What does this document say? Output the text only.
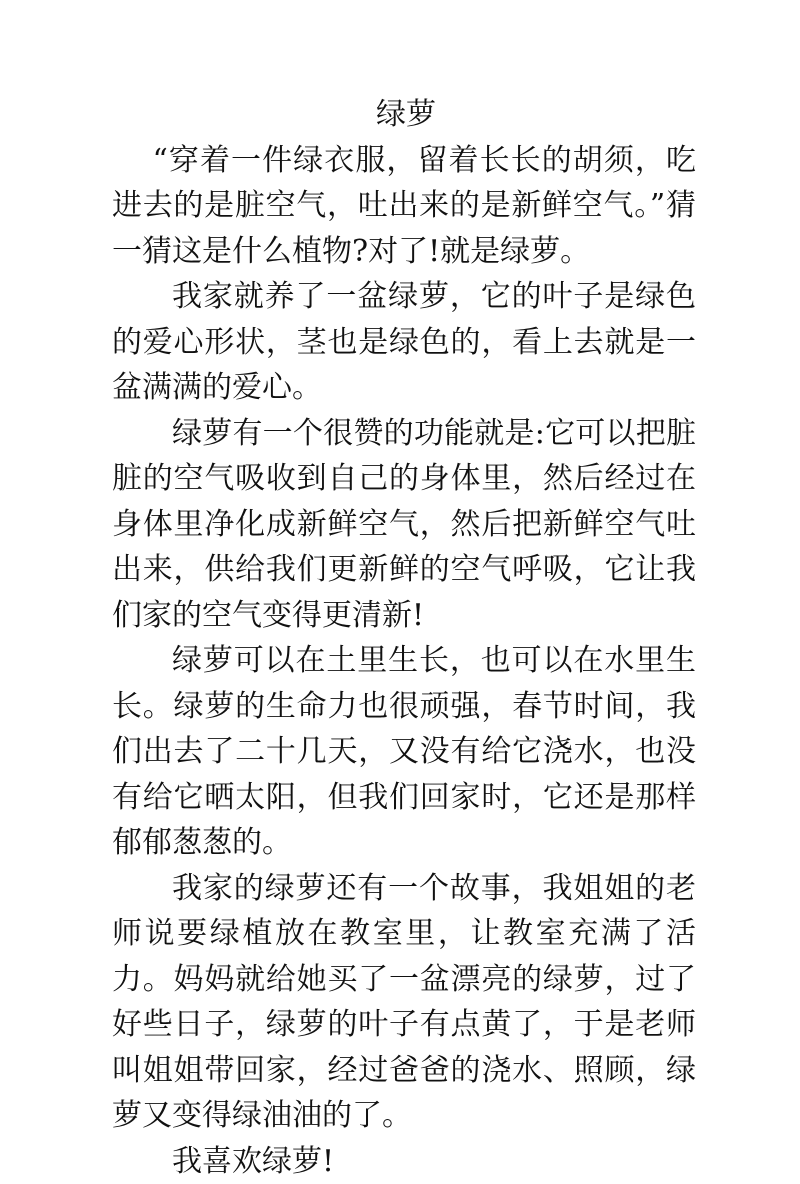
绿萝

“穿着一件绿衣服，留着长长的胡须，吃进去的是脏空气，吐出来的是新鲜空气。”猜一猜这是什么植物?对了!就是绿萝。

我家就养了一盆绿萝，它的叶子是绿色的爱心形状，茎也是绿色的，看上去就是一盆满满的爱心。

绿萝有一个很赞的功能就是:它可以把脏脏的空气吸收到自己的身体里，然后经过在身体里净化成新鲜空气，然后把新鲜空气吐出来，供给我们更新鲜的空气呼吸，它让我们家的空气变得更清新!

绿萝可以在土里生长，也可以在水里生长。绿萝的生命力也很顽强，春节时间，我们出去了二十几天，又没有给它浇水，也没有给它晒太阳，但我们回家时，它还是那样郁郁葱葱的。

我家的绿萝还有一个故事，我姐姐的老师说要绿植放在教室里，让教室充满了活力。妈妈就给她买了一盆漂亮的绿萝，过了好些日子，绿萝的叶子有点黄了，于是老师叫姐姐带回家，经过爸爸的浇水、照顾，绿萝又变得绿油油的了。

我喜欢绿萝!
